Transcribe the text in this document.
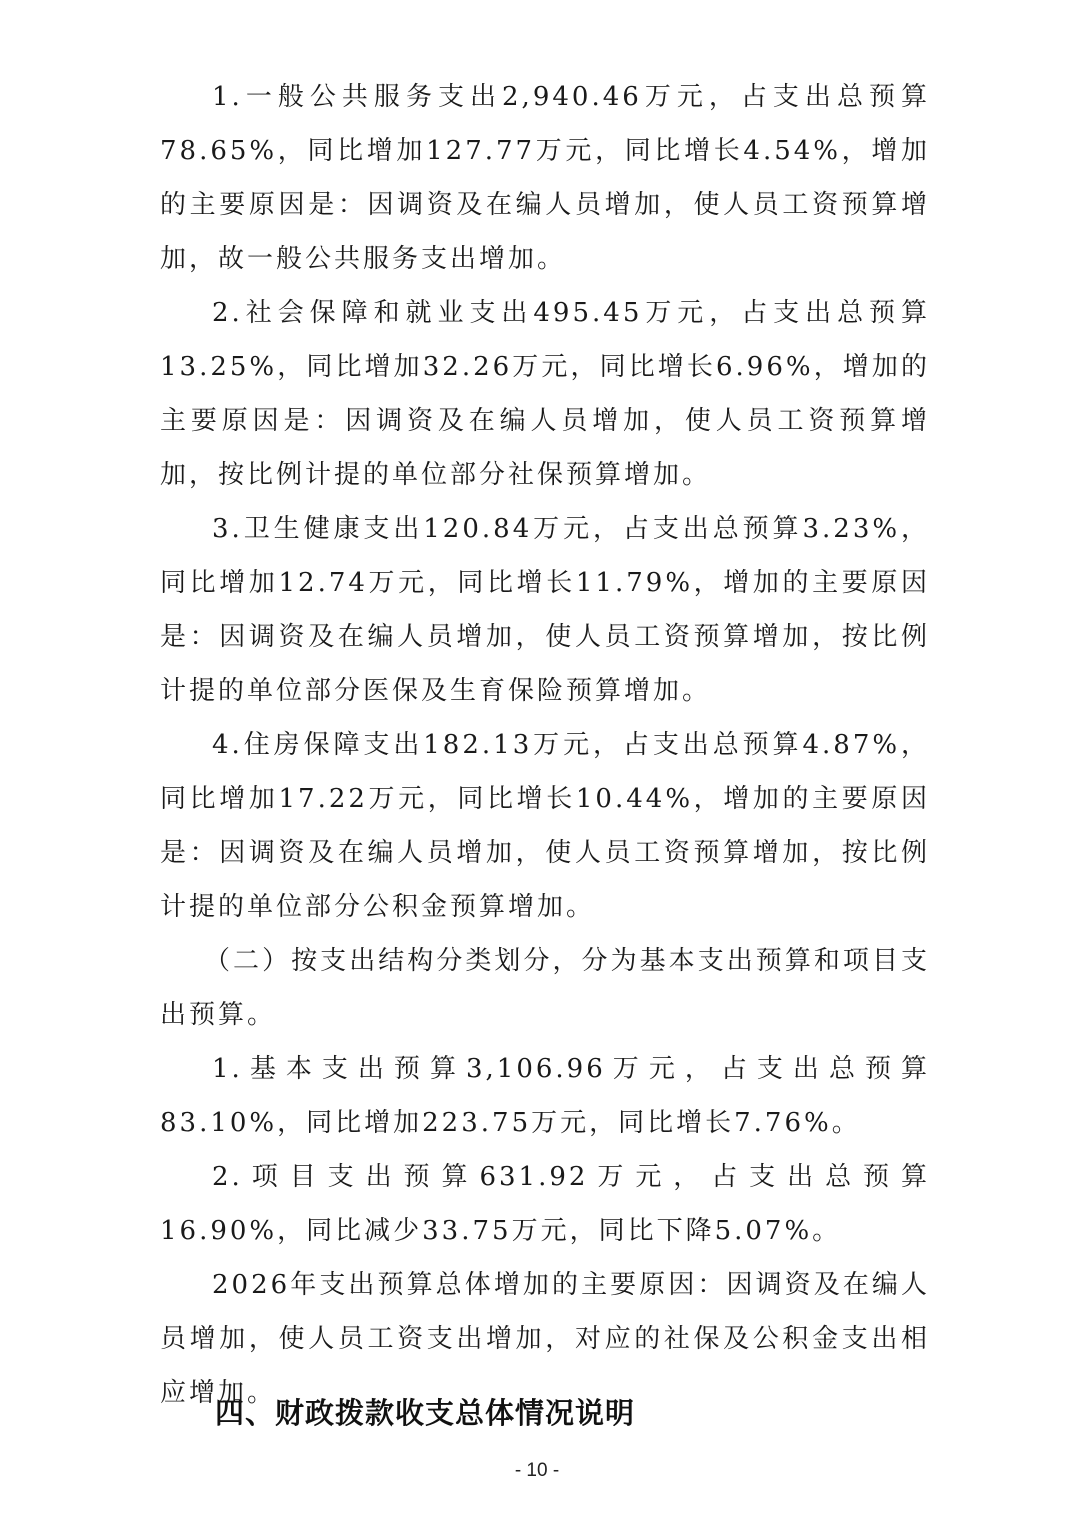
1.一般公共服务支出2,940.46万元，占支出总预算78.65%，同比增加127.77万元，同比增长4.54%，增加的主要原因是：因调资及在编人员增加，使人员工资预算增加，故一般公共服务支出增加。

2.社会保障和就业支出495.45万元，占支出总预算13.25%，同比增加32.26万元，同比增长6.96%，增加的主要原因是：因调资及在编人员增加，使人员工资预算增加，按比例计提的单位部分社保预算增加。

3.卫生健康支出120.84万元，占支出总预算3.23%，同比增加12.74万元，同比增长11.79%，增加的主要原因是：因调资及在编人员增加，使人员工资预算增加，按比例计提的单位部分医保及生育保险预算增加。

4.住房保障支出182.13万元，占支出总预算4.87%，同比增加17.22万元，同比增长10.44%，增加的主要原因是：因调资及在编人员增加，使人员工资预算增加，按比例计提的单位部分公积金预算增加。

（二）按支出结构分类划分，分为基本支出预算和项目支出预算。

1.基本支出预算3,106.96万元，占支出总预算83.10%，同比增加223.75万元，同比增长7.76%。

2.项目支出预算631.92万元，占支出总预算16.90%，同比减少33.75万元，同比下降5.07%。

2026年支出预算总体增加的主要原因：因调资及在编人员增加，使人员工资支出增加，对应的社保及公积金支出相应增加。

四、财政拨款收支总体情况说明
- 10 -
